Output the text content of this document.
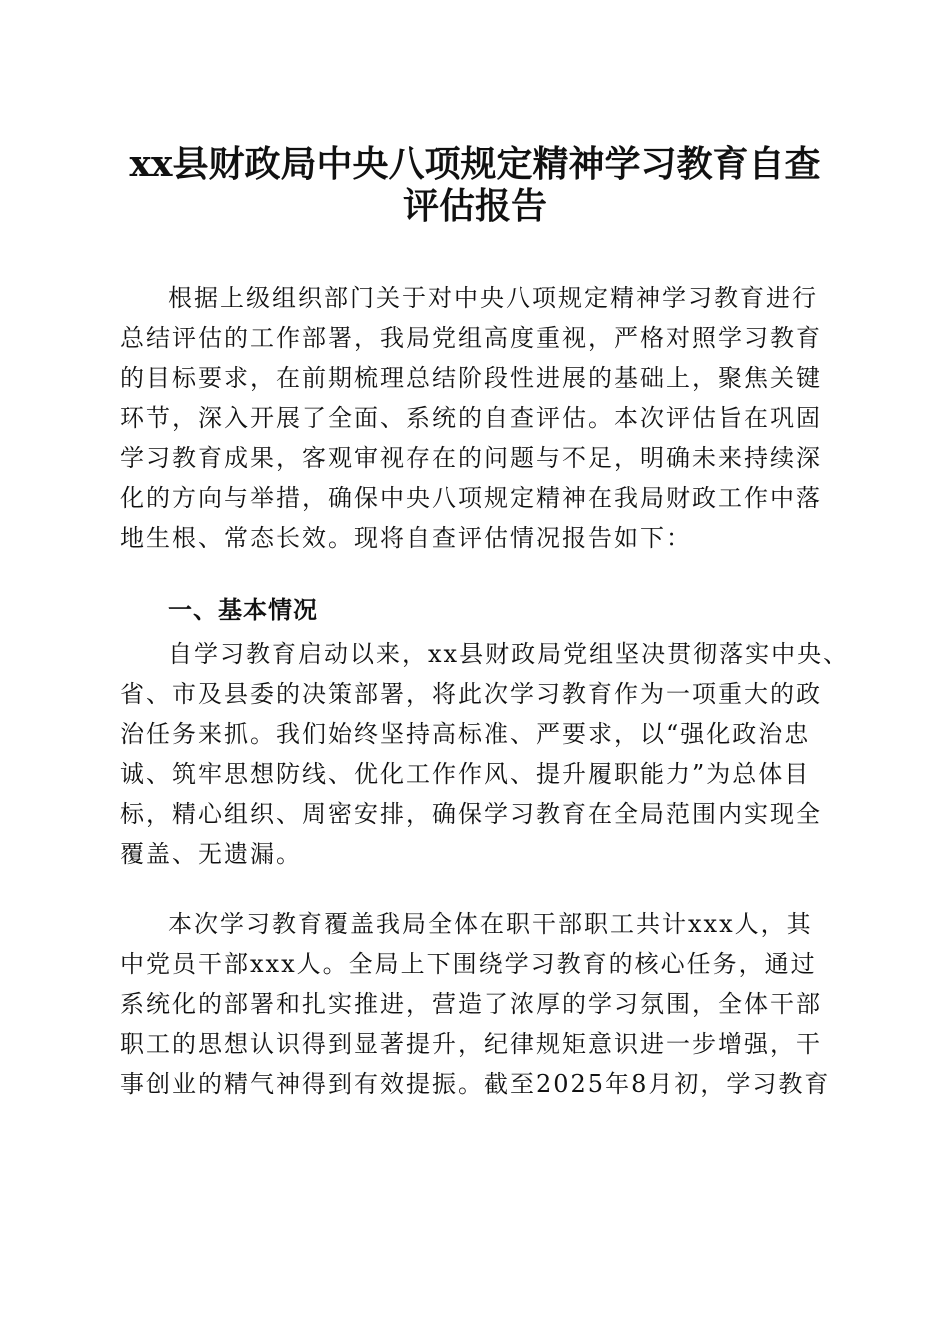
xx县财政局中央八项规定精神学习教育自查
评估报告
根据上级组织部门关于对中央八项规定精神学习教育进行
总结评估的工作部署，我局党组高度重视，严格对照学习教育
的目标要求，在前期梳理总结阶段性进展的基础上，聚焦关键
环节，深入开展了全面、系统的自查评估。本次评估旨在巩固
学习教育成果，客观审视存在的问题与不足，明确未来持续深
化的方向与举措，确保中央八项规定精神在我局财政工作中落
地生根、常态长效。现将自查评估情况报告如下：
一、基本情况
自学习教育启动以来，xx县财政局党组坚决贯彻落实中央、
省、市及县委的决策部署，将此次学习教育作为一项重大的政
治任务来抓。我们始终坚持高标准、严要求，以“强化政治忠
诚、筑牢思想防线、优化工作作风、提升履职能力”为总体目
标，精心组织、周密安排，确保学习教育在全局范围内实现全
覆盖、无遗漏。
本次学习教育覆盖我局全体在职干部职工共计xxx人，其
中党员干部xxx人。全局上下围绕学习教育的核心任务，通过
系统化的部署和扎实推进，营造了浓厚的学习氛围，全体干部
职工的思想认识得到显著提升，纪律规矩意识进一步增强，干
事创业的精气神得到有效提振。截至2025年8月初，学习教育
